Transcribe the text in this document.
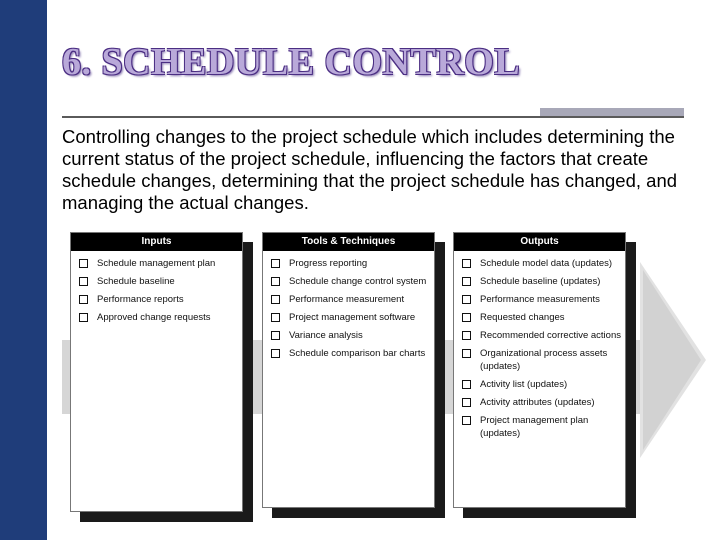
6. SCHEDULE CONTROL

Controlling changes to the project schedule which includes determining the current status of the project schedule, influencing the factors that create schedule changes, determining that the project schedule has changed, and managing the actual changes.

Inputs
Schedule management plan
Schedule baseline
Performance reports
Approved change requests
Tools & Techniques
Progress reporting
Schedule change control system
Performance measurement
Project management software
Variance analysis
Schedule comparison bar charts
Outputs
Schedule model data (updates)
Schedule baseline (updates)
Performance measurements
Requested changes
Recommended corrective actions
Organizational process assets (updates)
Activity list (updates)
Activity attributes (updates)
Project management plan (updates)
